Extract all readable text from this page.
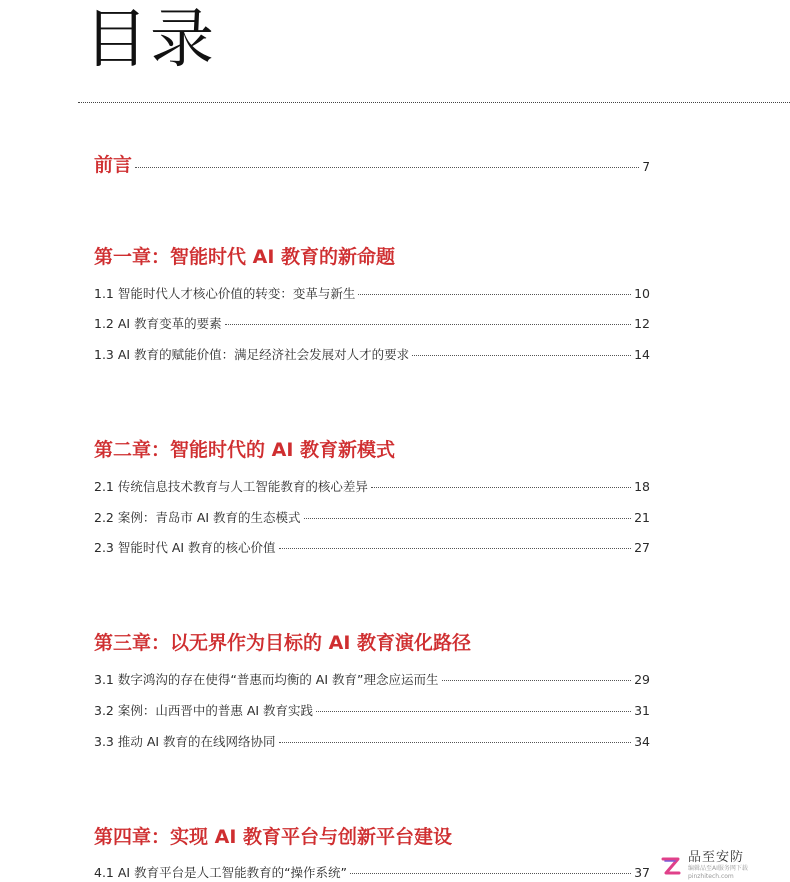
目录
前言	7
第一章：智能时代 AI 教育的新命题
1.1 智能时代人才核心价值的转变：变革与新生	10
1.2 AI 教育变革的要素	12
1.3 AI 教育的赋能价值：满足经济社会发展对人才的要求	14
第二章：智能时代的 AI 教育新模式
2.1 传统信息技术教育与人工智能教育的核心差异	18
2.2 案例：青岛市 AI 教育的生态模式	21
2.3 智能时代 AI 教育的核心价值	27
第三章：以无界作为目标的 AI 教育演化路径
3.1 数字鸿沟的存在使得“普惠而均衡的 AI 教育”理念应运而生	29
3.2 案例：山西晋中的普惠 AI 教育实践	31
3.3 推动 AI 教育的在线网络协同	34
第四章：实现 AI 教育平台与创新平台建设
4.1 AI 教育平台是人工智能教育的“操作系统”	37
品至安防
编辑品至AI服务网下载pinzhitech.com
